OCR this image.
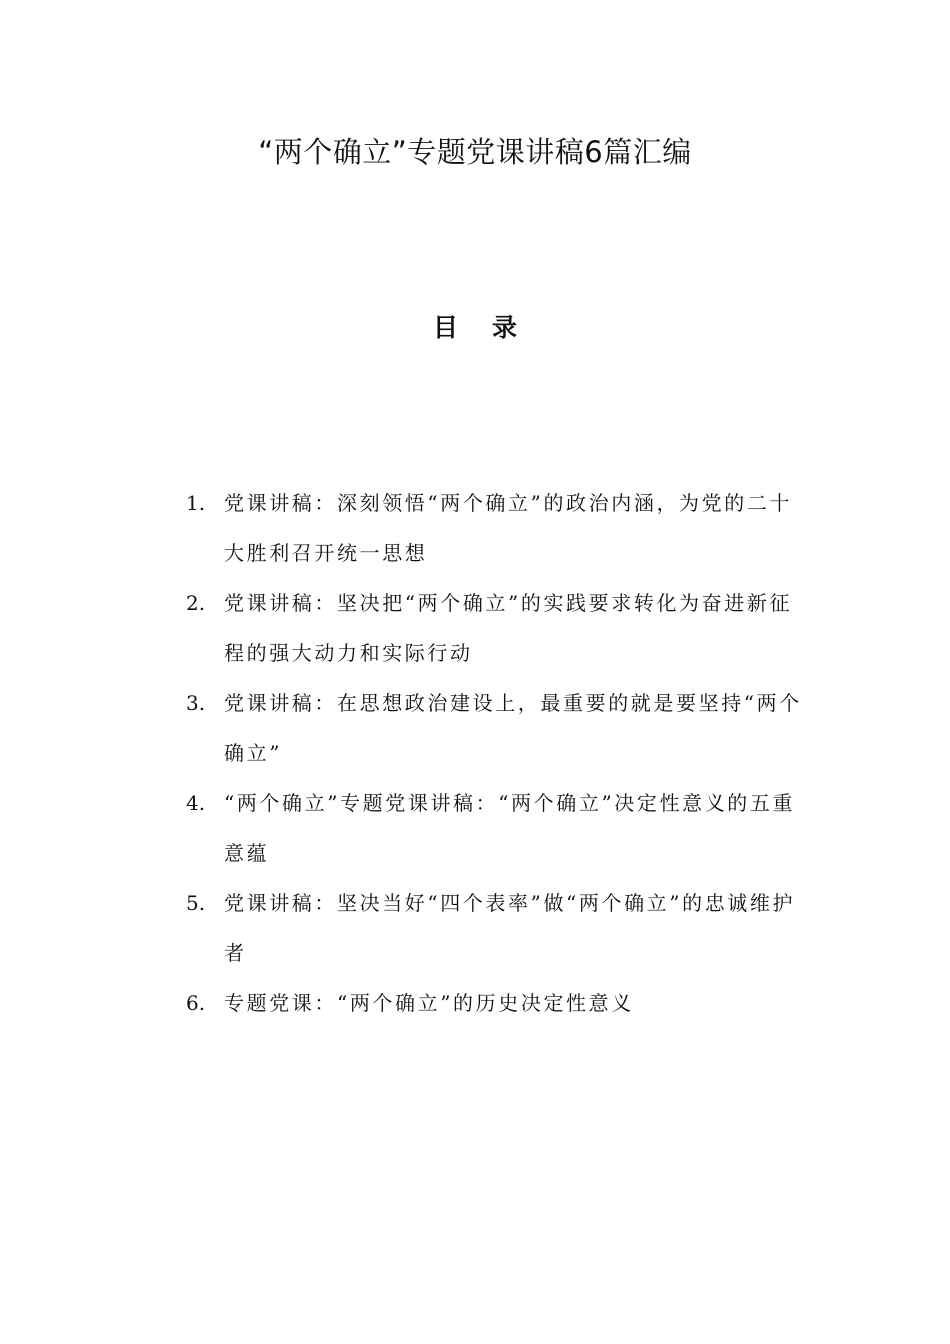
“两个确立”专题党课讲稿6篇汇编
目录
1. 党课讲稿：深刻领悟“两个确立”的政治内涵，为党的二十大胜利召开统一思想
2. 党课讲稿：坚决把“两个确立”的实践要求转化为奋进新征程的强大动力和实际行动
3. 党课讲稿：在思想政治建设上，最重要的就是要坚持“两个确立”
4. “两个确立”专题党课讲稿：“两个确立”决定性意义的五重意蕴
5. 党课讲稿：坚决当好“四个表率”做“两个确立”的忠诚维护者
6. 专题党课：“两个确立”的历史决定性意义
